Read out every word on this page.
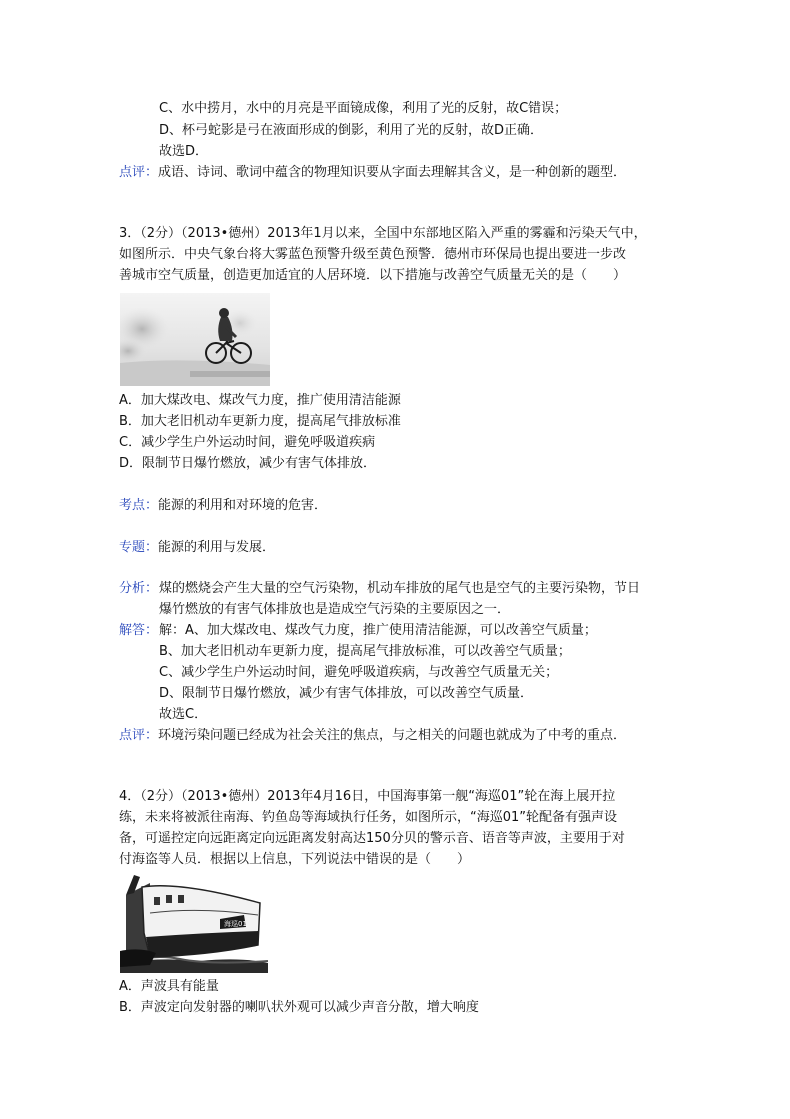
C、水中捞月，水中的月亮是平面镜成像，利用了光的反射，故C错误；
D、杯弓蛇影是弓在液面形成的倒影，利用了光的反射，故D正确．
故选D．
点评：成语、诗词、歌词中蕴含的物理知识要从字面去理解其含义，是一种创新的题型．
3．（2分）（2013•德州）2013年1月以来，全国中东部地区陷入严重的雾霾和污染天气中，
如图所示．中央气象台将大雾蓝色预警升级至黄色预警．德州市环保局也提出要进一步改
善城市空气质量，创造更加适宜的人居环境．以下措施与改善空气质量无关的是（　　）
A．加大煤改电、煤改气力度，推广使用清洁能源
B．加大老旧机动车更新力度，提高尾气排放标准
C．减少学生户外运动时间，避免呼吸道疾病
D．限制节日爆竹燃放，减少有害气体排放．
考点：能源的利用和对环境的危害．
专题：能源的利用与发展．
分析： 煤的燃烧会产生大量的空气污染物，机动车排放的尾气也是空气的主要污染物，节日
爆竹燃放的有害气体排放也是造成空气污染的主要原因之一．
解答： 解：A、加大煤改电、煤改气力度，推广使用清洁能源，可以改善空气质量；
B、加大老旧机动车更新力度，提高尾气排放标准，可以改善空气质量；
C、减少学生户外运动时间，避免呼吸道疾病，与改善空气质量无关；
D、限制节日爆竹燃放，减少有害气体排放，可以改善空气质量．
故选C．
点评：环境污染问题已经成为社会关注的焦点，与之相关的问题也就成为了中考的重点．
4．（2分）（2013•德州）2013年4月16日，中国海事第一舰“海巡01”轮在海上展开拉
练，未来将被派往南海、钓鱼岛等海域执行任务，如图所示，“海巡01”轮配备有强声设
备，可遥控定向远距离定向远距离发射高达150分贝的警示音、语音等声波，主要用于对
付海盗等人员．根据以上信息，下列说法中错误的是（　　）
海巡01
A．声波具有能量
B．声波定向发射器的喇叭状外观可以减少声音分散，增大响度
